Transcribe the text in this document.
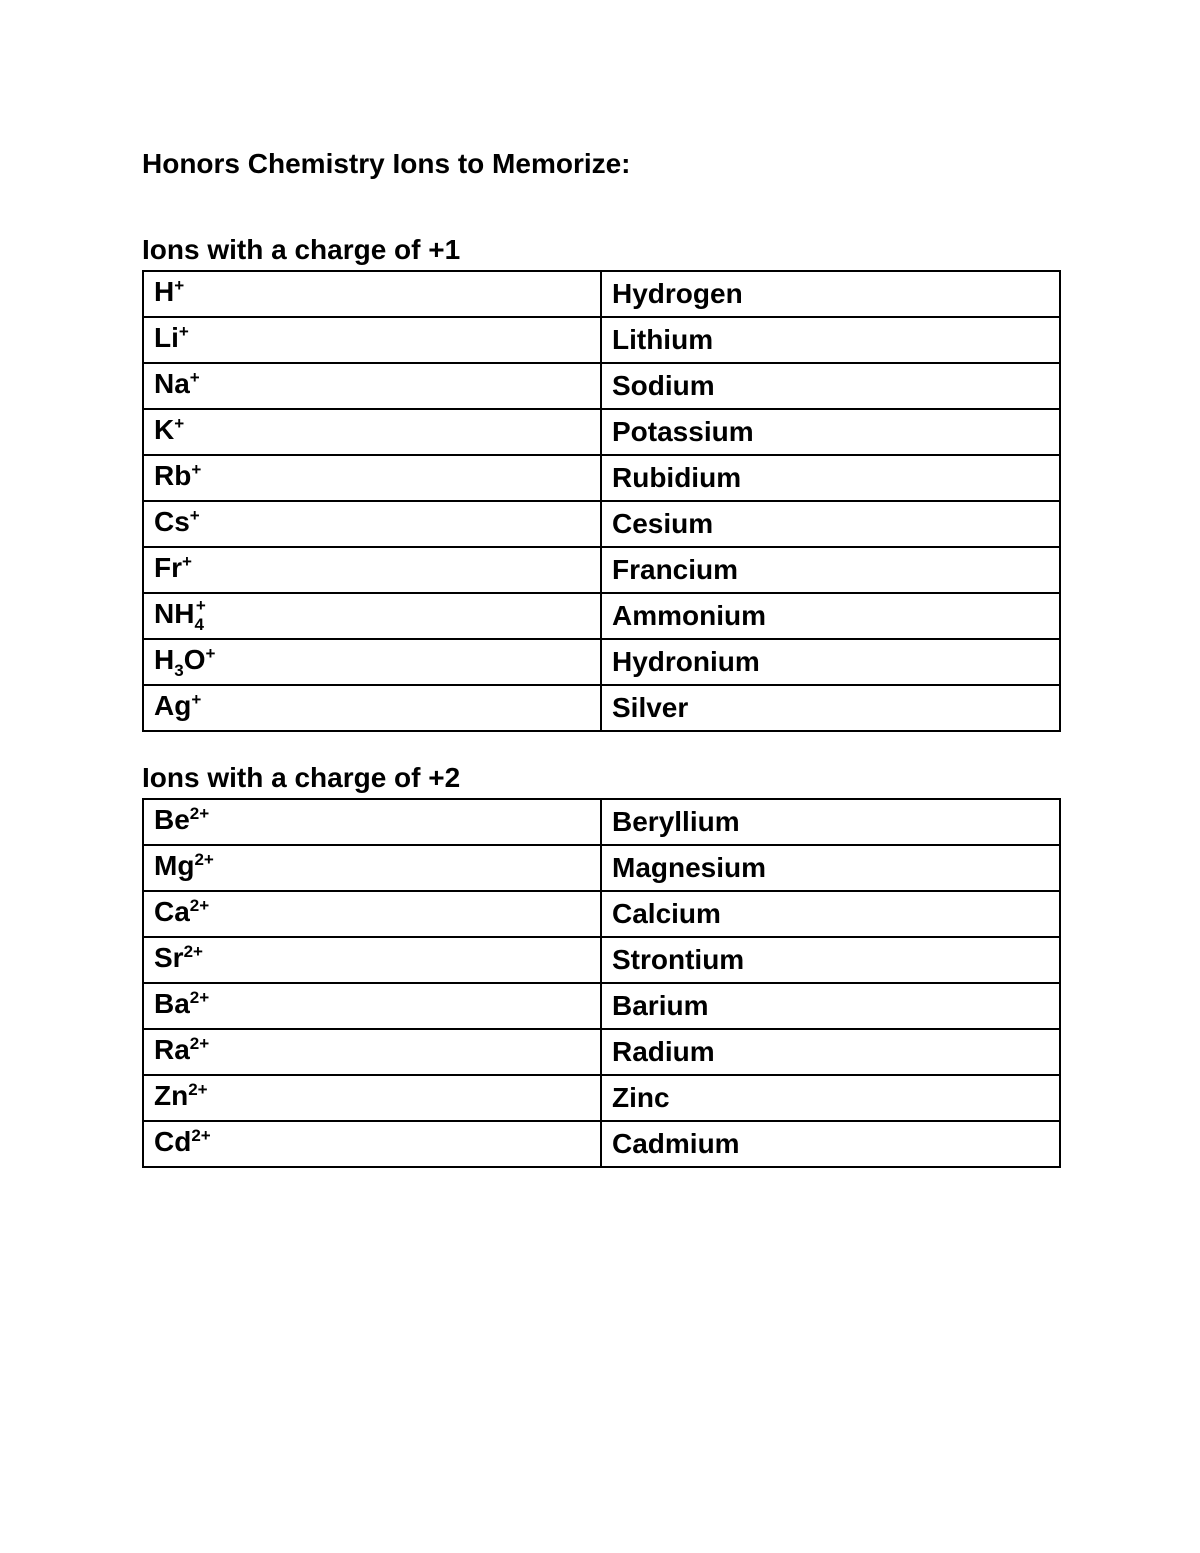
Honors Chemistry Ions to Memorize:
Ions with a charge of +1
H+	Hydrogen
Li+	Lithium
Na+	Sodium
K+	Potassium
Rb+	Rubidium
Cs+	Cesium
Fr+	Francium
$NH_4^+$	Ammonium
$H_3O^+$	Hydronium
Ag+	Silver
Ions with a charge of +2
$Be^{2+}$	Beryllium
$Mg^{2+}$	Magnesium
$Ca^{2+}$	Calcium
$Sr^{2+}$	Strontium
$Ba^{2+}$	Barium
$Ra^{2+}$	Radium
$Zn^{2+}$	Zinc
$Cd^{2+}$	Cadmium
